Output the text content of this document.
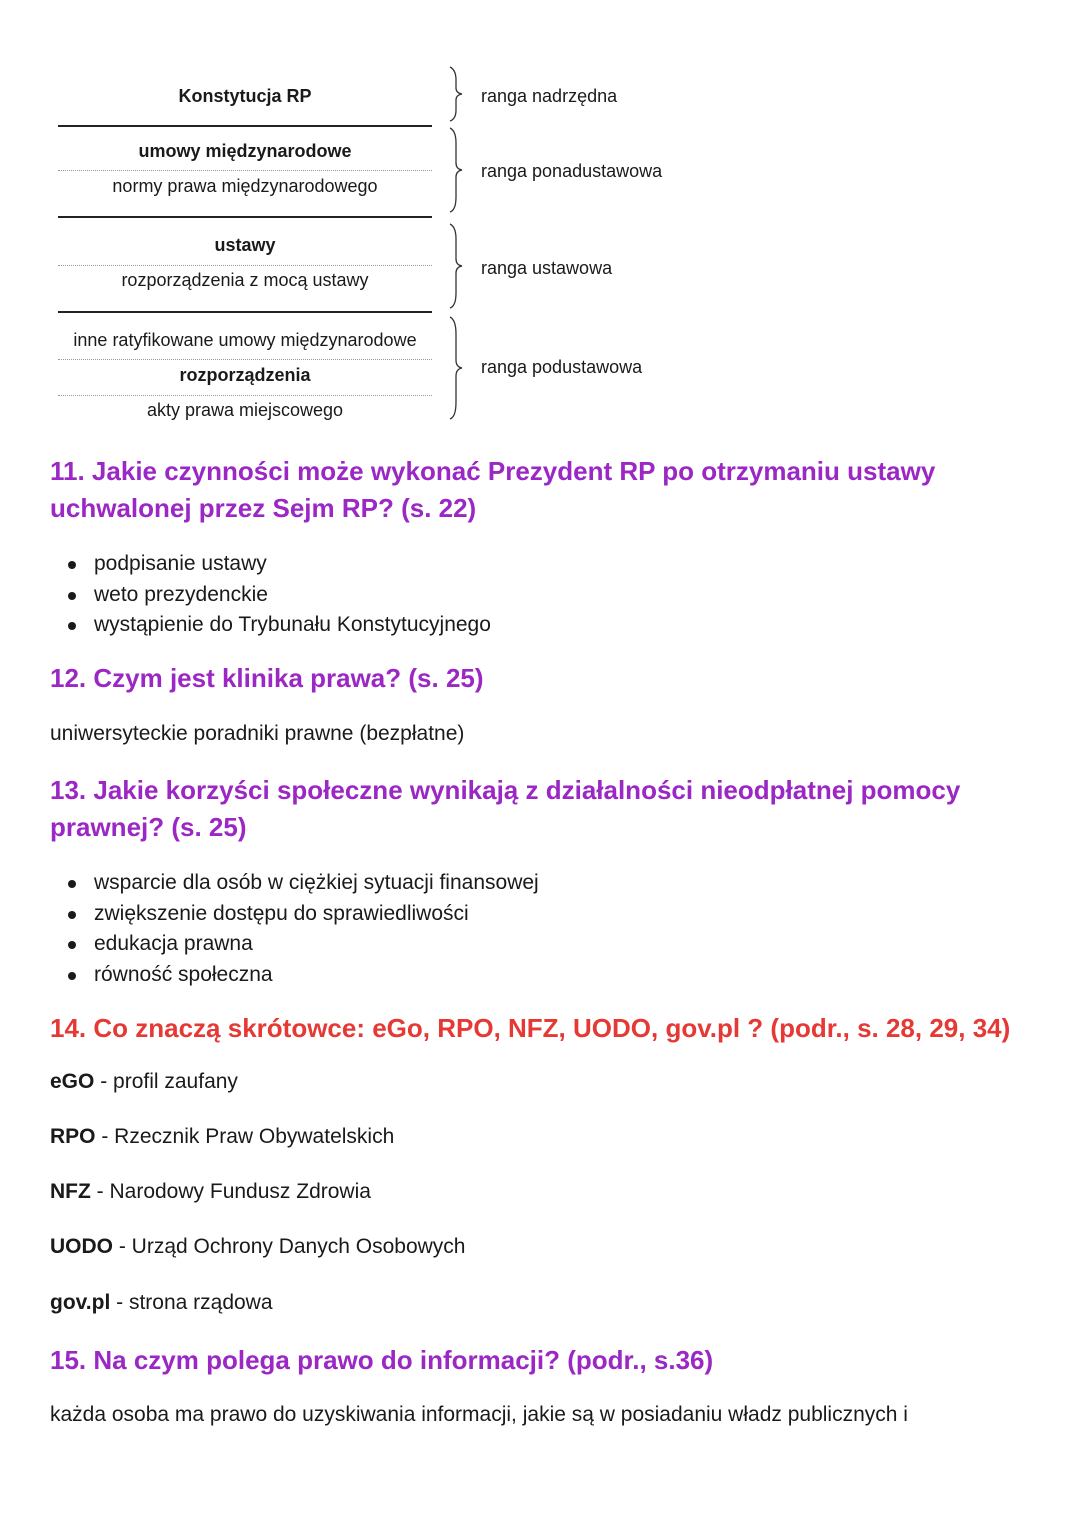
Konstytucja RP
umowy międzynarodowe
normy prawa międzynarodowego
ustawy
rozporządzenia z mocą ustawy
inne ratyfikowane umowy międzynarodowe
rozporządzenia
akty prawa miejscowego
ranga nadrzędna
ranga ponadustawowa
ranga ustawowa
ranga podustawowa
11. Jakie czynności może wykonać Prezydent RP po otrzymaniu ustawy uchwalonej przez Sejm RP? (s. 22)
podpisanie ustawy
weto prezydenckie
wystąpienie do Trybunału Konstytucyjnego
12. Czym jest klinika prawa? (s. 25)
uniwersyteckie poradniki prawne (bezpłatne)
13. Jakie korzyści społeczne wynikają z działalności nieodpłatnej pomocy prawnej? (s. 25)
wsparcie dla osób w ciężkiej sytuacji finansowej
zwiększenie dostępu do sprawiedliwości
edukacja prawna
równość społeczna
14. Co znaczą skrótowce: eGo, RPO, NFZ, UODO, gov.pl ? (podr., s. 28, 29, 34)
eGO - profil zaufany
RPO - Rzecznik Praw Obywatelskich
NFZ - Narodowy Fundusz Zdrowia
UODO - Urząd Ochrony Danych Osobowych
gov.pl - strona rządowa
15. Na czym polega prawo do informacji? (podr., s.36)
każda osoba ma prawo do uzyskiwania informacji, jakie są w posiadaniu władz publicznych i
